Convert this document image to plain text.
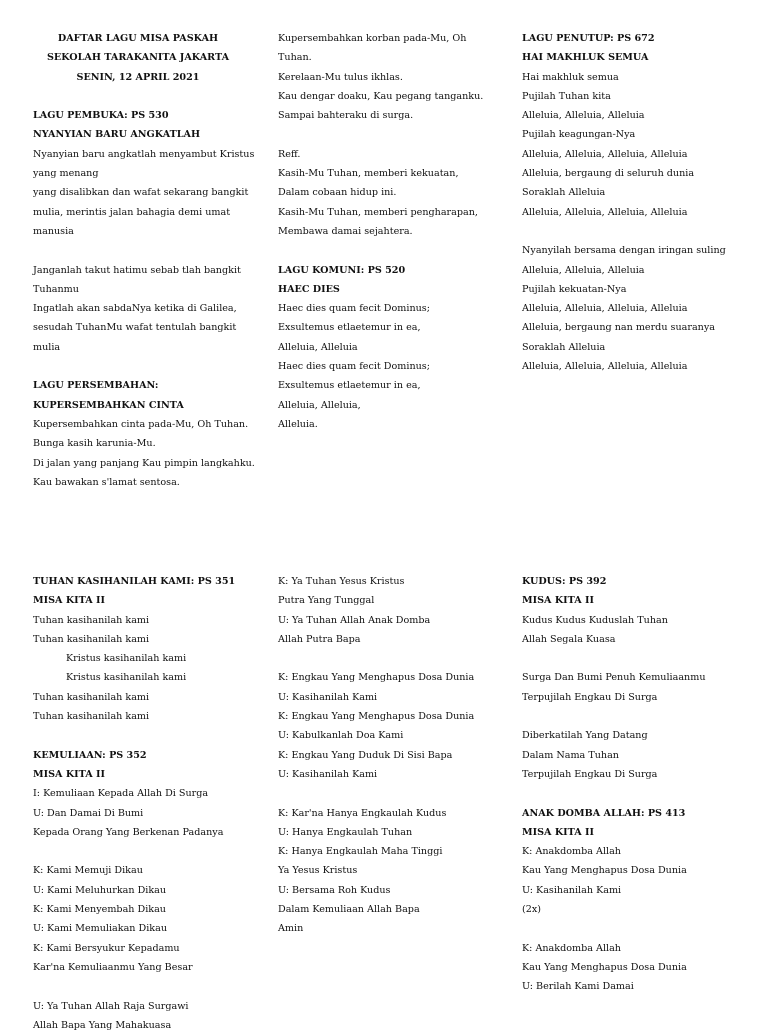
DAFTAR LAGU MISA PASKAH
SEKOLAH TARAKANITA JAKARTA
SENIN, 12 APRIL 2021
LAGU PEMBUKA: PS 530
NYANYIAN BARU ANGKATLAH
Nyanyian baru angkatlah menyambut Kristus
yang menang
yang disalibkan dan wafat sekarang bangkit
mulia, merintis jalan bahagia demi umat
manusia
Janganlah takut hatimu sebab tlah bangkit
Tuhanmu
Ingatlah akan sabdaNya ketika di Galilea,
sesudah TuhanMu wafat tentulah bangkit
mulia
LAGU PERSEMBAHAN:
KUPERSEMBAHKAN CINTA
Kupersembahkan cinta pada-Mu, Oh Tuhan.
Bunga kasih karunia-Mu.
Di jalan yang panjang Kau pimpin langkahku.
Kau bawakan s'lamat sentosa.
Kupersembahkan korban pada-Mu, Oh
Tuhan.
Kerelaan-Mu tulus ikhlas.
Kau dengar doaku, Kau pegang tanganku.
Sampai bahteraku di surga.
Reff.
Kasih-Mu Tuhan, memberi kekuatan,
Dalam cobaan hidup ini.
Kasih-Mu Tuhan, memberi pengharapan,
Membawa damai sejahtera.
LAGU KOMUNI: PS 520
HAEC DIES
Haec dies quam fecit Dominus;
Exsultemus etlaetemur in ea,
Alleluia, Alleluia
Haec dies quam fecit Dominus;
Exsultemus etlaetemur in ea,
Alleluia, Alleluia,
Alleluia.
LAGU PENUTUP: PS 672
HAI MAKHLUK SEMUA
Hai makhluk semua
Pujilah Tuhan kita
Alleluia, Alleluia, Alleluia
Pujilah keagungan-Nya
Alleluia, Alleluia, Alleluia, Alleluia
Alleluia, bergaung di seluruh dunia
Soraklah Alleluia
Alleluia, Alleluia, Alleluia, Alleluia
Nyanyilah bersama dengan iringan suling
Alleluia, Alleluia, Alleluia
Pujilah kekuatan-Nya
Alleluia, Alleluia, Alleluia, Alleluia
Alleluia, bergaung nan merdu suaranya
Soraklah Alleluia
Alleluia, Alleluia, Alleluia, Alleluia
TUHAN KASIHANILAH KAMI: PS 351
MISA KITA II
Tuhan kasihanilah kami
Tuhan kasihanilah kami
Kristus kasihanilah kami
Kristus kasihanilah kami
Tuhan kasihanilah kami
Tuhan kasihanilah kami
KEMULIAAN: PS 352
MISA KITA II
I: Kemuliaan Kepada Allah Di Surga
U: Dan Damai Di Bumi
Kepada Orang Yang Berkenan Padanya
K: Kami Memuji Dikau
U: Kami Meluhurkan Dikau
K: Kami Menyembah Dikau
U: Kami Memuliakan Dikau
K: Kami Bersyukur Kepadamu
Kar'na Kemuliaanmu Yang Besar
U: Ya Tuhan Allah Raja Surgawi
Allah Bapa Yang Mahakuasa
K: Ya Tuhan Yesus Kristus
Putra Yang Tunggal
U: Ya Tuhan Allah Anak Domba
Allah Putra Bapa
K: Engkau Yang Menghapus Dosa Dunia
U: Kasihanilah Kami
K: Engkau Yang Menghapus Dosa Dunia
U: Kabulkanlah Doa Kami
K: Engkau Yang Duduk Di Sisi Bapa
U: Kasihanilah Kami
K: Kar'na Hanya Engkaulah Kudus
U: Hanya Engkaulah Tuhan
K: Hanya Engkaulah Maha Tinggi
Ya Yesus Kristus
U: Bersama Roh Kudus
Dalam Kemuliaan Allah Bapa
Amin
KUDUS: PS 392
MISA KITA II
Kudus Kudus Kuduslah Tuhan
Allah Segala Kuasa
Surga Dan Bumi Penuh Kemuliaanmu
Terpujilah Engkau Di Surga
Diberkatilah Yang Datang
Dalam Nama Tuhan
Terpujilah Engkau Di Surga
ANAK DOMBA ALLAH: PS 413
MISA KITA II
K: Anakdomba Allah
Kau Yang Menghapus Dosa Dunia
U: Kasihanilah Kami
(2x)
K: Anakdomba Allah
Kau Yang Menghapus Dosa Dunia
U: Berilah Kami Damai
